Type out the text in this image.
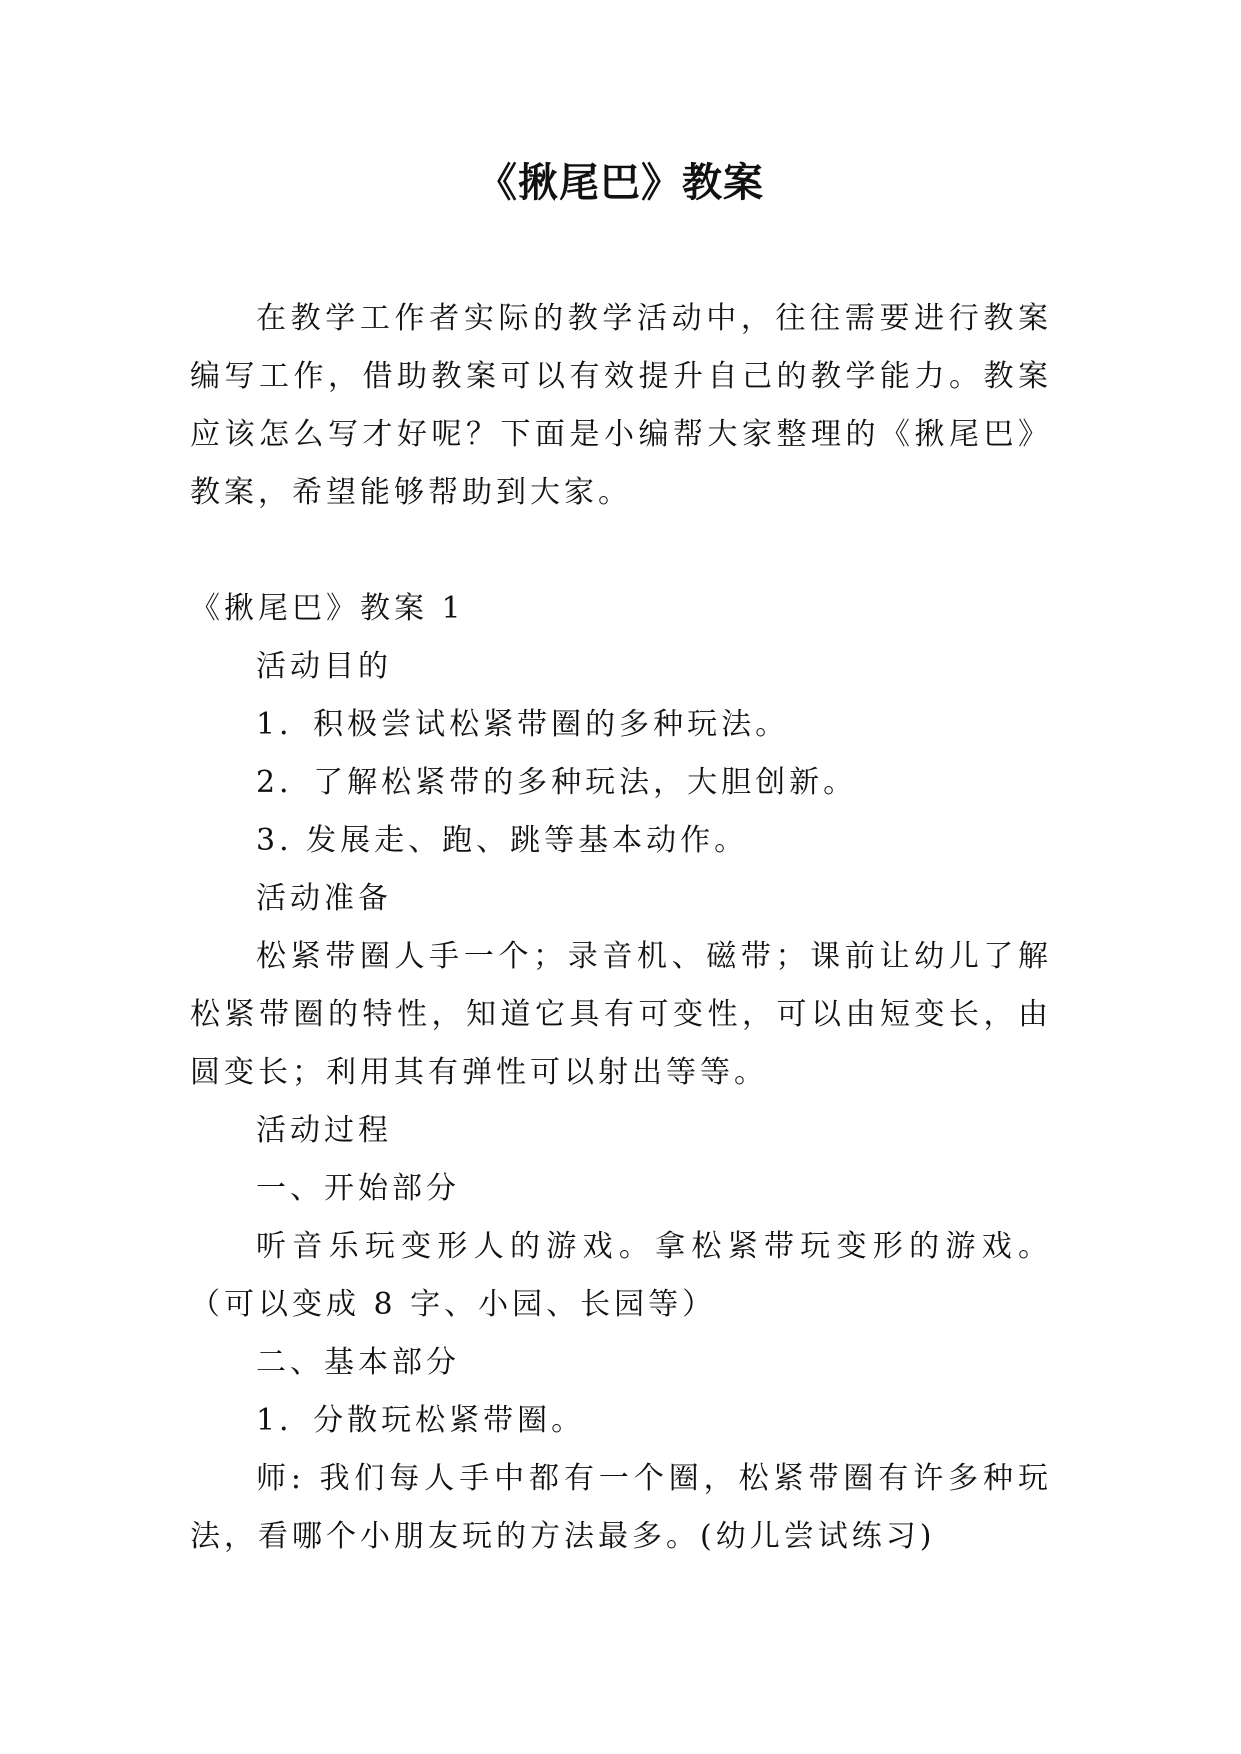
《揪尾巴》教案

在教学工作者实际的教学活动中，往往需要进行教案编写工作，借助教案可以有效提升自己的教学能力。教案应该怎么写才好呢？下面是小编帮大家整理的《揪尾巴》教案，希望能够帮助到大家。

《揪尾巴》教案 1

活动目的

1．积极尝试松紧带圈的多种玩法。

2．了解松紧带的多种玩法，大胆创新。

3. 发展走、跑、跳等基本动作。

活动准备

松紧带圈人手一个；录音机、磁带；课前让幼儿了解松紧带圈的特性，知道它具有可变性，可以由短变长，由圆变长；利用其有弹性可以射出等等。

活动过程

一、开始部分

听音乐玩变形人的游戏。拿松紧带玩变形的游戏。（可以变成 8 字、小园、长园等）

二、基本部分

1．分散玩松紧带圈。

师: 我们每人手中都有一个圈，松紧带圈有许多种玩法，看哪个小朋友玩的方法最多。(幼儿尝试练习)
